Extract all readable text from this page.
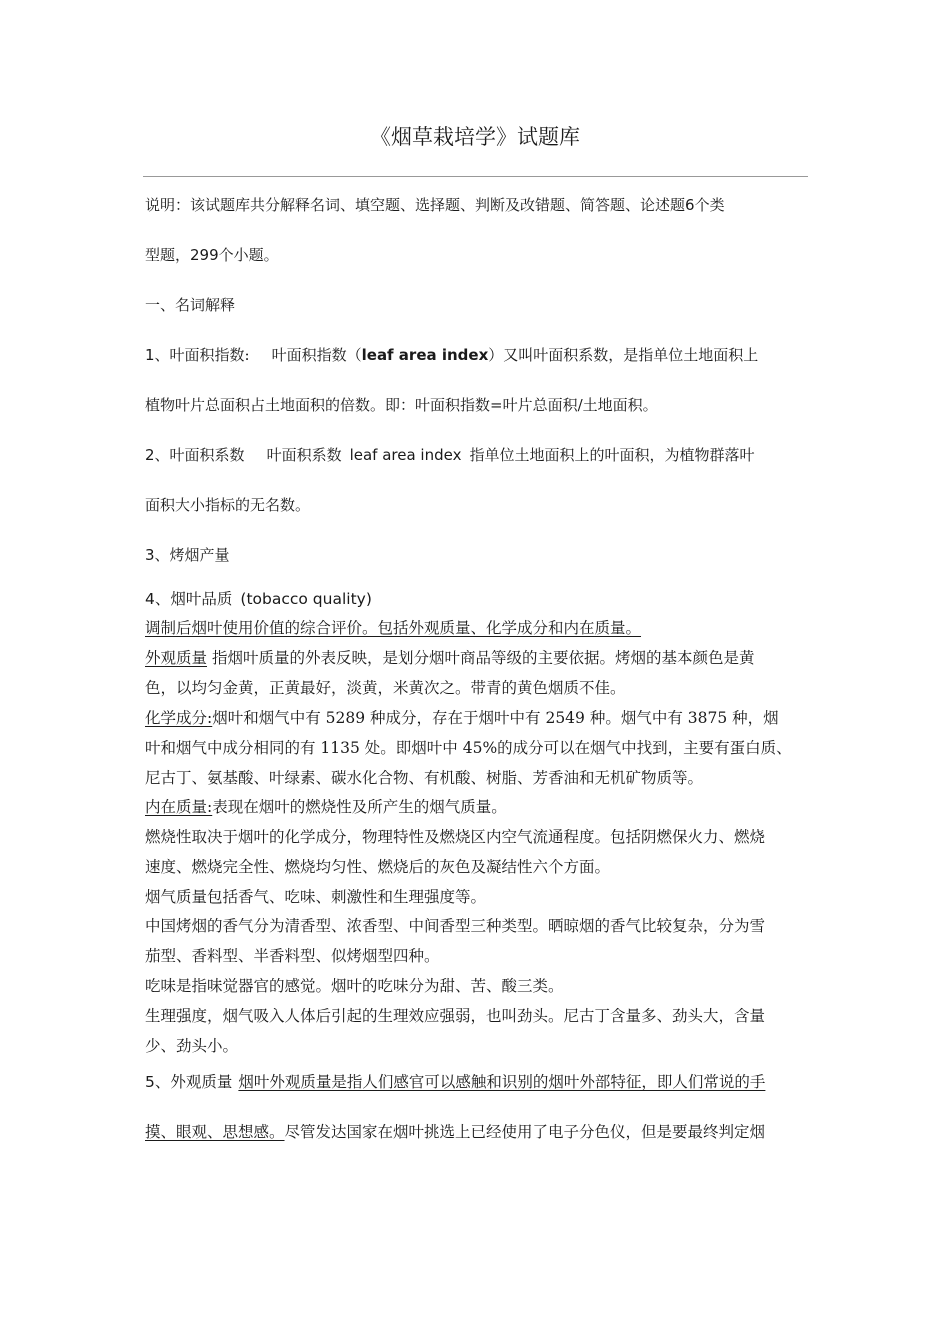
《烟草栽培学》试题库
说明：该试题库共分解释名词、填空题、选择题、判断及改错题、简答题、论述题6个类
型题，299个小题。
一、名词解释
1、叶面积指数: 叶面积指数（leaf area index）又叫叶面积系数，是指单位土地面积上
植物叶片总面积占土地面积的倍数。即：叶面积指数=叶片总面积/土地面积。
2、叶面积系数 叶面积系数 leaf area index 指单位土地面积上的叶面积，为植物群落叶
面积大小指标的无名数。
3、烤烟产量
4、烟叶品质 (tobacco quality)
调制后烟叶使用价值的综合评价。包括外观质量、化学成分和内在质量。
外观质量 指烟叶质量的外表反映，是划分烟叶商品等级的主要依据。烤烟的基本颜色是黄
色，以均匀金黄，正黄最好，淡黄，米黄次之。带青的黄色烟质不佳。
化学成分:烟叶和烟气中有 5289 种成分，存在于烟叶中有 2549 种。烟气中有 3875 种，烟
叶和烟气中成分相同的有 1135 处。即烟叶中 45%的成分可以在烟气中找到，主要有蛋白质、
尼古丁、氨基酸、叶绿素、碳水化合物、有机酸、树脂、芳香油和无机矿物质等。
内在质量:表现在烟叶的燃烧性及所产生的烟气质量。
燃烧性取决于烟叶的化学成分，物理特性及燃烧区内空气流通程度。包括阴燃保火力、燃烧
速度、燃烧完全性、燃烧均匀性、燃烧后的灰色及凝结性六个方面。
烟气质量包括香气、吃味、刺激性和生理强度等。
中国烤烟的香气分为清香型、浓香型、中间香型三种类型。晒晾烟的香气比较复杂，分为雪
茄型、香料型、半香料型、似烤烟型四种。
吃味是指味觉器官的感觉。烟叶的吃味分为甜、苦、酸三类。
生理强度，烟气吸入人体后引起的生理效应强弱，也叫劲头。尼古丁含量多、劲头大，含量
少、劲头小。
5、外观质量 烟叶外观质量是指人们感官可以感触和识别的烟叶外部特征，即人们常说的手
摸、眼观、思想感。尽管发达国家在烟叶挑选上已经使用了电子分色仪，但是要最终判定烟
